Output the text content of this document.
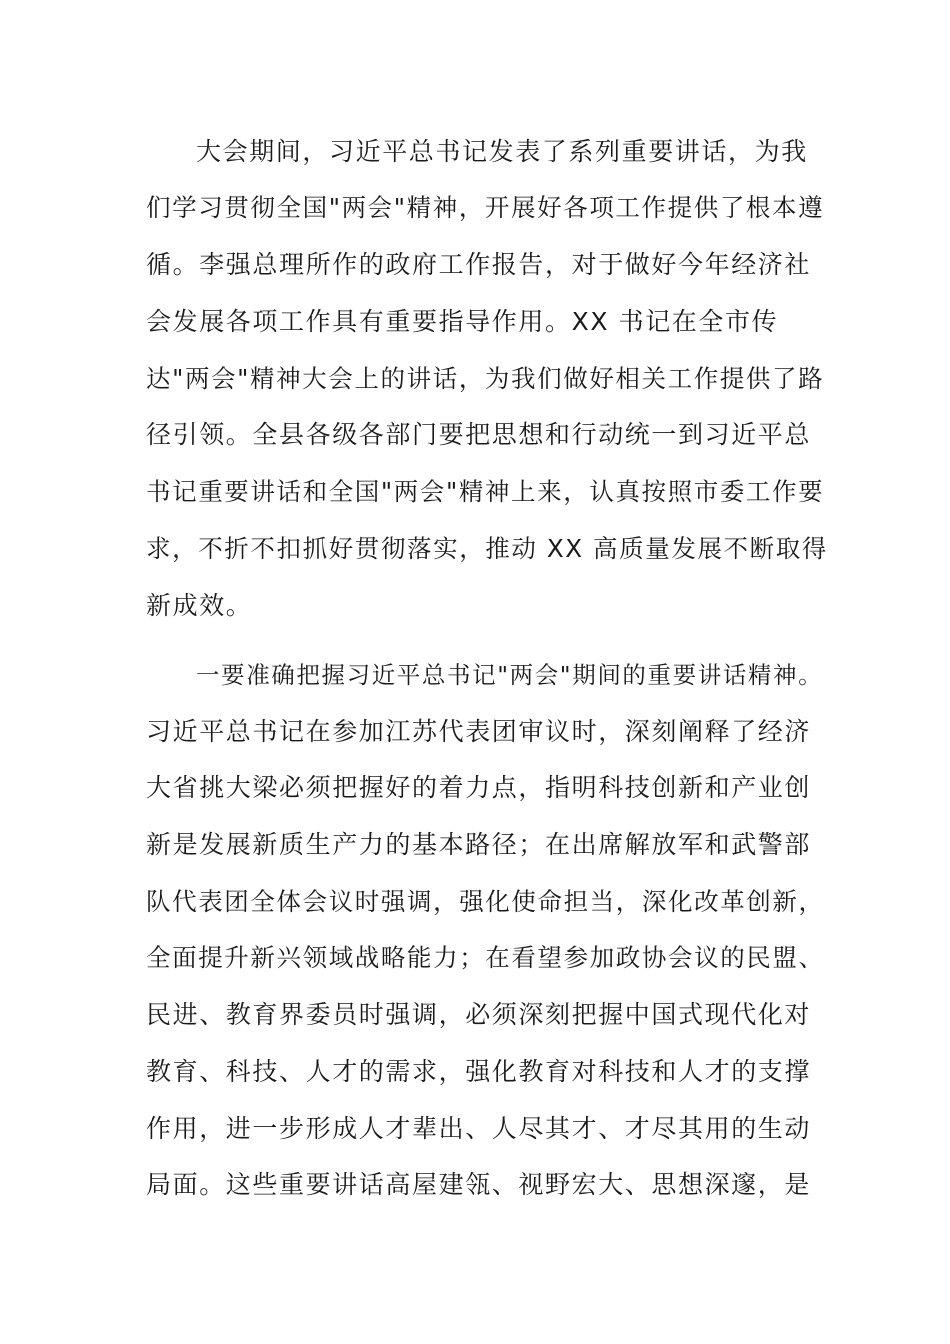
大会期间，习近平总书记发表了系列重要讲话，为我
们学习贯彻全国"两会"精神，开展好各项工作提供了根本遵
循。李强总理所作的政府工作报告，对于做好今年经济社
会发展各项工作具有重要指导作用。XX 书记在全市传
达"两会"精神大会上的讲话，为我们做好相关工作提供了路
径引领。全县各级各部门要把思想和行动统一到习近平总
书记重要讲话和全国"两会"精神上来，认真按照市委工作要
求，不折不扣抓好贯彻落实，推动 XX 高质量发展不断取得
新成效。
一要准确把握习近平总书记"两会"期间的重要讲话精神。
习近平总书记在参加江苏代表团审议时，深刻阐释了经济
大省挑大梁必须把握好的着力点，指明科技创新和产业创
新是发展新质生产力的基本路径；在出席解放军和武警部
队代表团全体会议时强调，强化使命担当，深化改革创新，
全面提升新兴领域战略能力；在看望参加政协会议的民盟、
民进、教育界委员时强调，必须深刻把握中国式现代化对
教育、科技、人才的需求，强化教育对科技和人才的支撑
作用，进一步形成人才辈出、人尽其才、才尽其用的生动
局面。这些重要讲话高屋建瓴、视野宏大、思想深邃，是
